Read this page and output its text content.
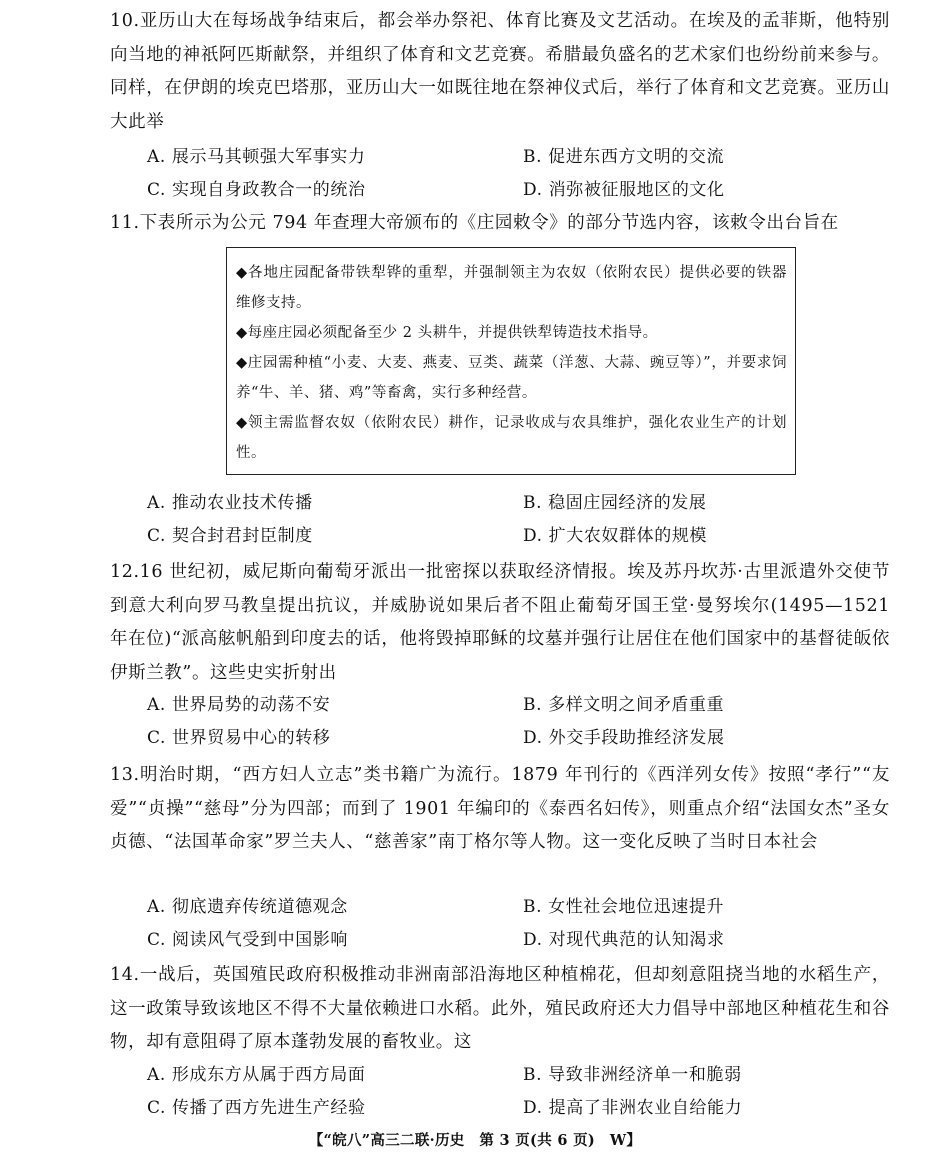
10.亚历山大在每场战争结束后，都会举办祭祀、体育比赛及文艺活动。在埃及的孟菲斯，他特别向当地的神祇阿匹斯献祭，并组织了体育和文艺竞赛。希腊最负盛名的艺术家们也纷纷前来参与。同样，在伊朗的埃克巴塔那，亚历山大一如既往地在祭神仪式后，举行了体育和文艺竞赛。亚历山大此举
A. 展示马其顿强大军事实力	B. 促进东西方文明的交流
C. 实现自身政教合一的统治	D. 消弥被征服地区的文化
11.下表所示为公元 794 年查理大帝颁布的《庄园敕令》的部分节选内容，该敕令出台旨在

◆各地庄园配备带铁犁铧的重犁，并强制领主为农奴（依附农民）提供必要的铁器维修支持。

◆每座庄园必须配备至少 2 头耕牛，并提供铁犁铸造技术指导。

◆庄园需种植“小麦、大麦、燕麦、豆类、蔬菜（洋葱、大蒜、豌豆等）”，并要求饲养“牛、羊、猪、鸡”等畜禽，实行多种经营。

◆领主需监督农奴（依附农民）耕作，记录收成与农具维护，强化农业生产的计划性。

A. 推动农业技术传播	B. 稳固庄园经济的发展
C. 契合封君封臣制度	D. 扩大农奴群体的规模
12.16 世纪初，威尼斯向葡萄牙派出一批密探以获取经济情报。埃及苏丹坎苏·古里派遣外交使节到意大利向罗马教皇提出抗议，并威胁说如果后者不阻止葡萄牙国王堂·曼努埃尔(1495—1521 年在位)“派高舷帆船到印度去的话，他将毁掉耶稣的坟墓并强行让居住在他们国家中的基督徒皈依伊斯兰教”。这些史实折射出
A. 世界局势的动荡不安	B. 多样文明之间矛盾重重
C. 世界贸易中心的转移	D. 外交手段助推经济发展
13.明治时期，“西方妇人立志”类书籍广为流行。1879 年刊行的《西洋列女传》按照“孝行”“友爱”“贞操”“慈母”分为四部；而到了 1901 年编印的《泰西名妇传》，则重点介绍“法国女杰”圣女贞德、“法国革命家”罗兰夫人、“慈善家”南丁格尔等人物。这一变化反映了当时日本社会
A. 彻底遗弃传统道德观念	B. 女性社会地位迅速提升
C. 阅读风气受到中国影响	D. 对现代典范的认知渴求
14.一战后，英国殖民政府积极推动非洲南部沿海地区种植棉花，但却刻意阻挠当地的水稻生产，这一政策导致该地区不得不大量依赖进口水稻。此外，殖民政府还大力倡导中部地区种植花生和谷物，却有意阻碍了原本蓬勃发展的畜牧业。这
A. 形成东方从属于西方局面	B. 导致非洲经济单一和脆弱
C. 传播了西方先进生产经验	D. 提高了非洲农业自给能力
【“皖八”高三二联·历史　第 3 页(共 6 页)　W】
